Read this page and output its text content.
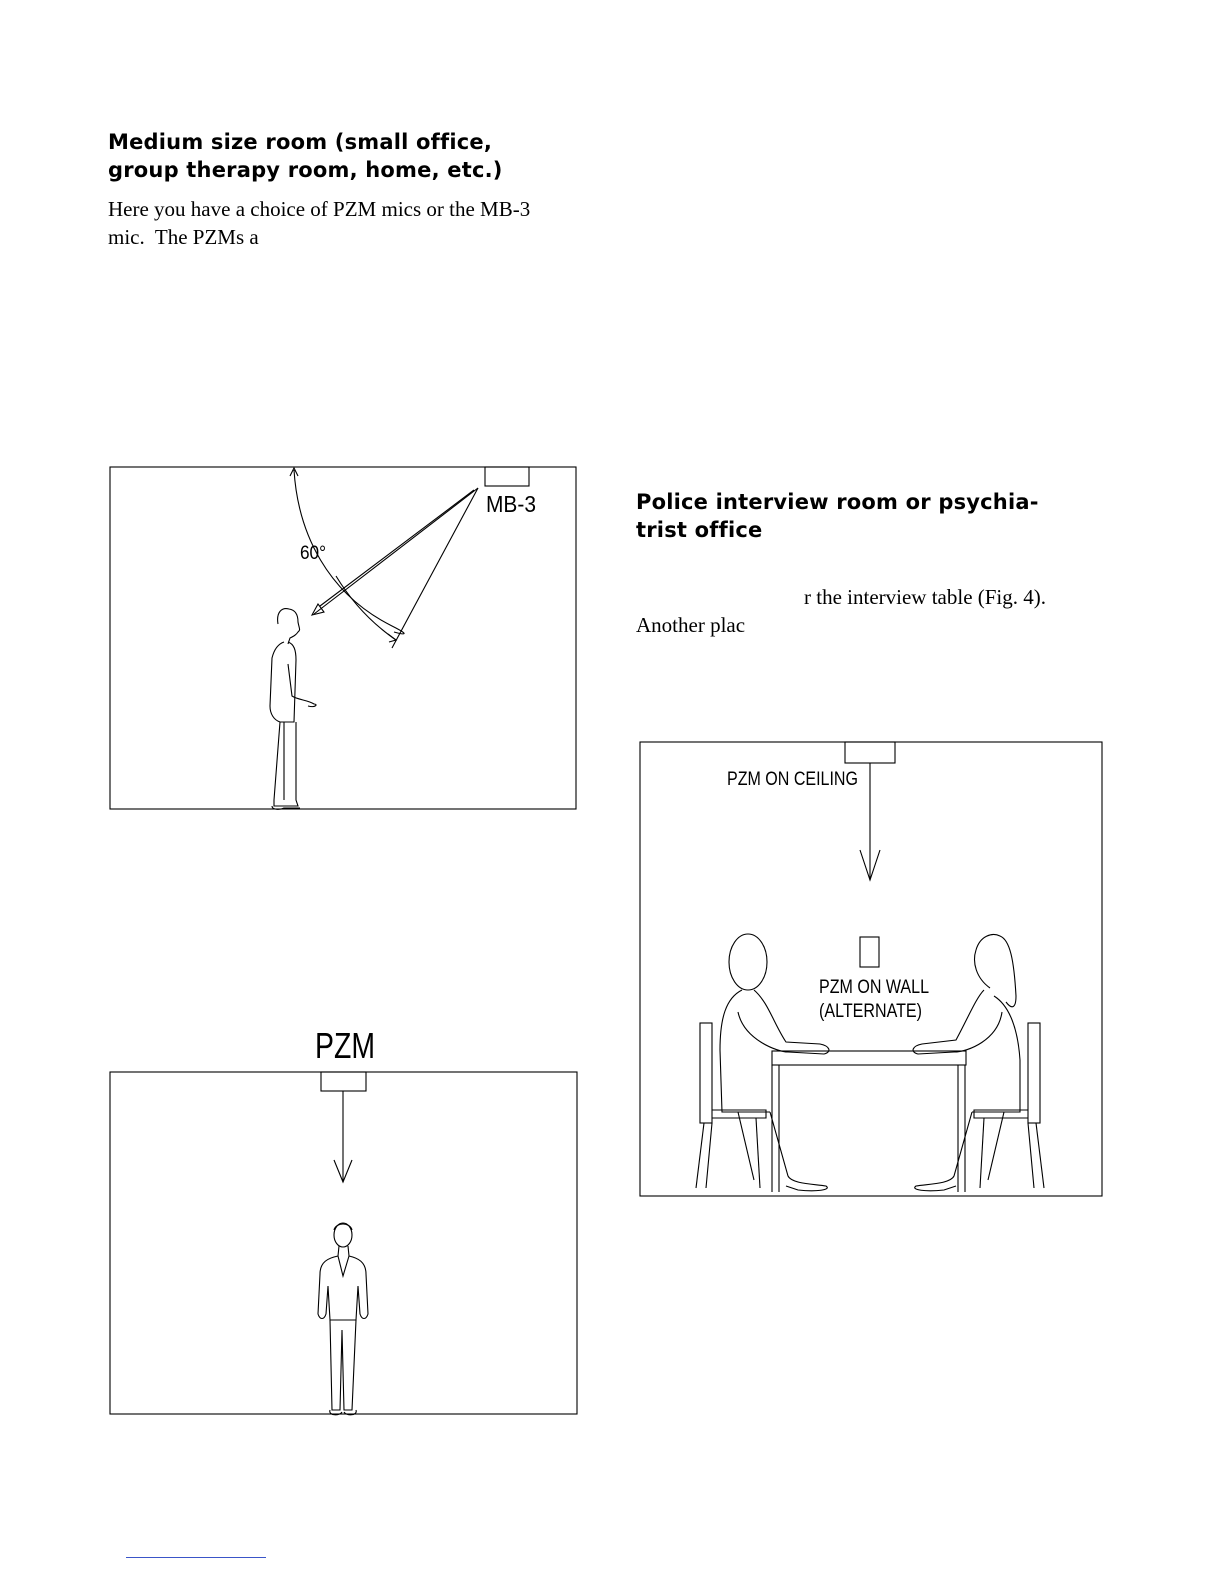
Medium size room (small office,
group therapy room, home, etc.)

Here you have a choice of PZM mics or the MB-3
mic.  The PZMs a

MB-3
60°
PZM
Police interview room or psychia-
trist office

r the interview table (Fig. 4).

Another plac

PZM ON CEILING
PZM ON WALL
(ALTERNATE)
